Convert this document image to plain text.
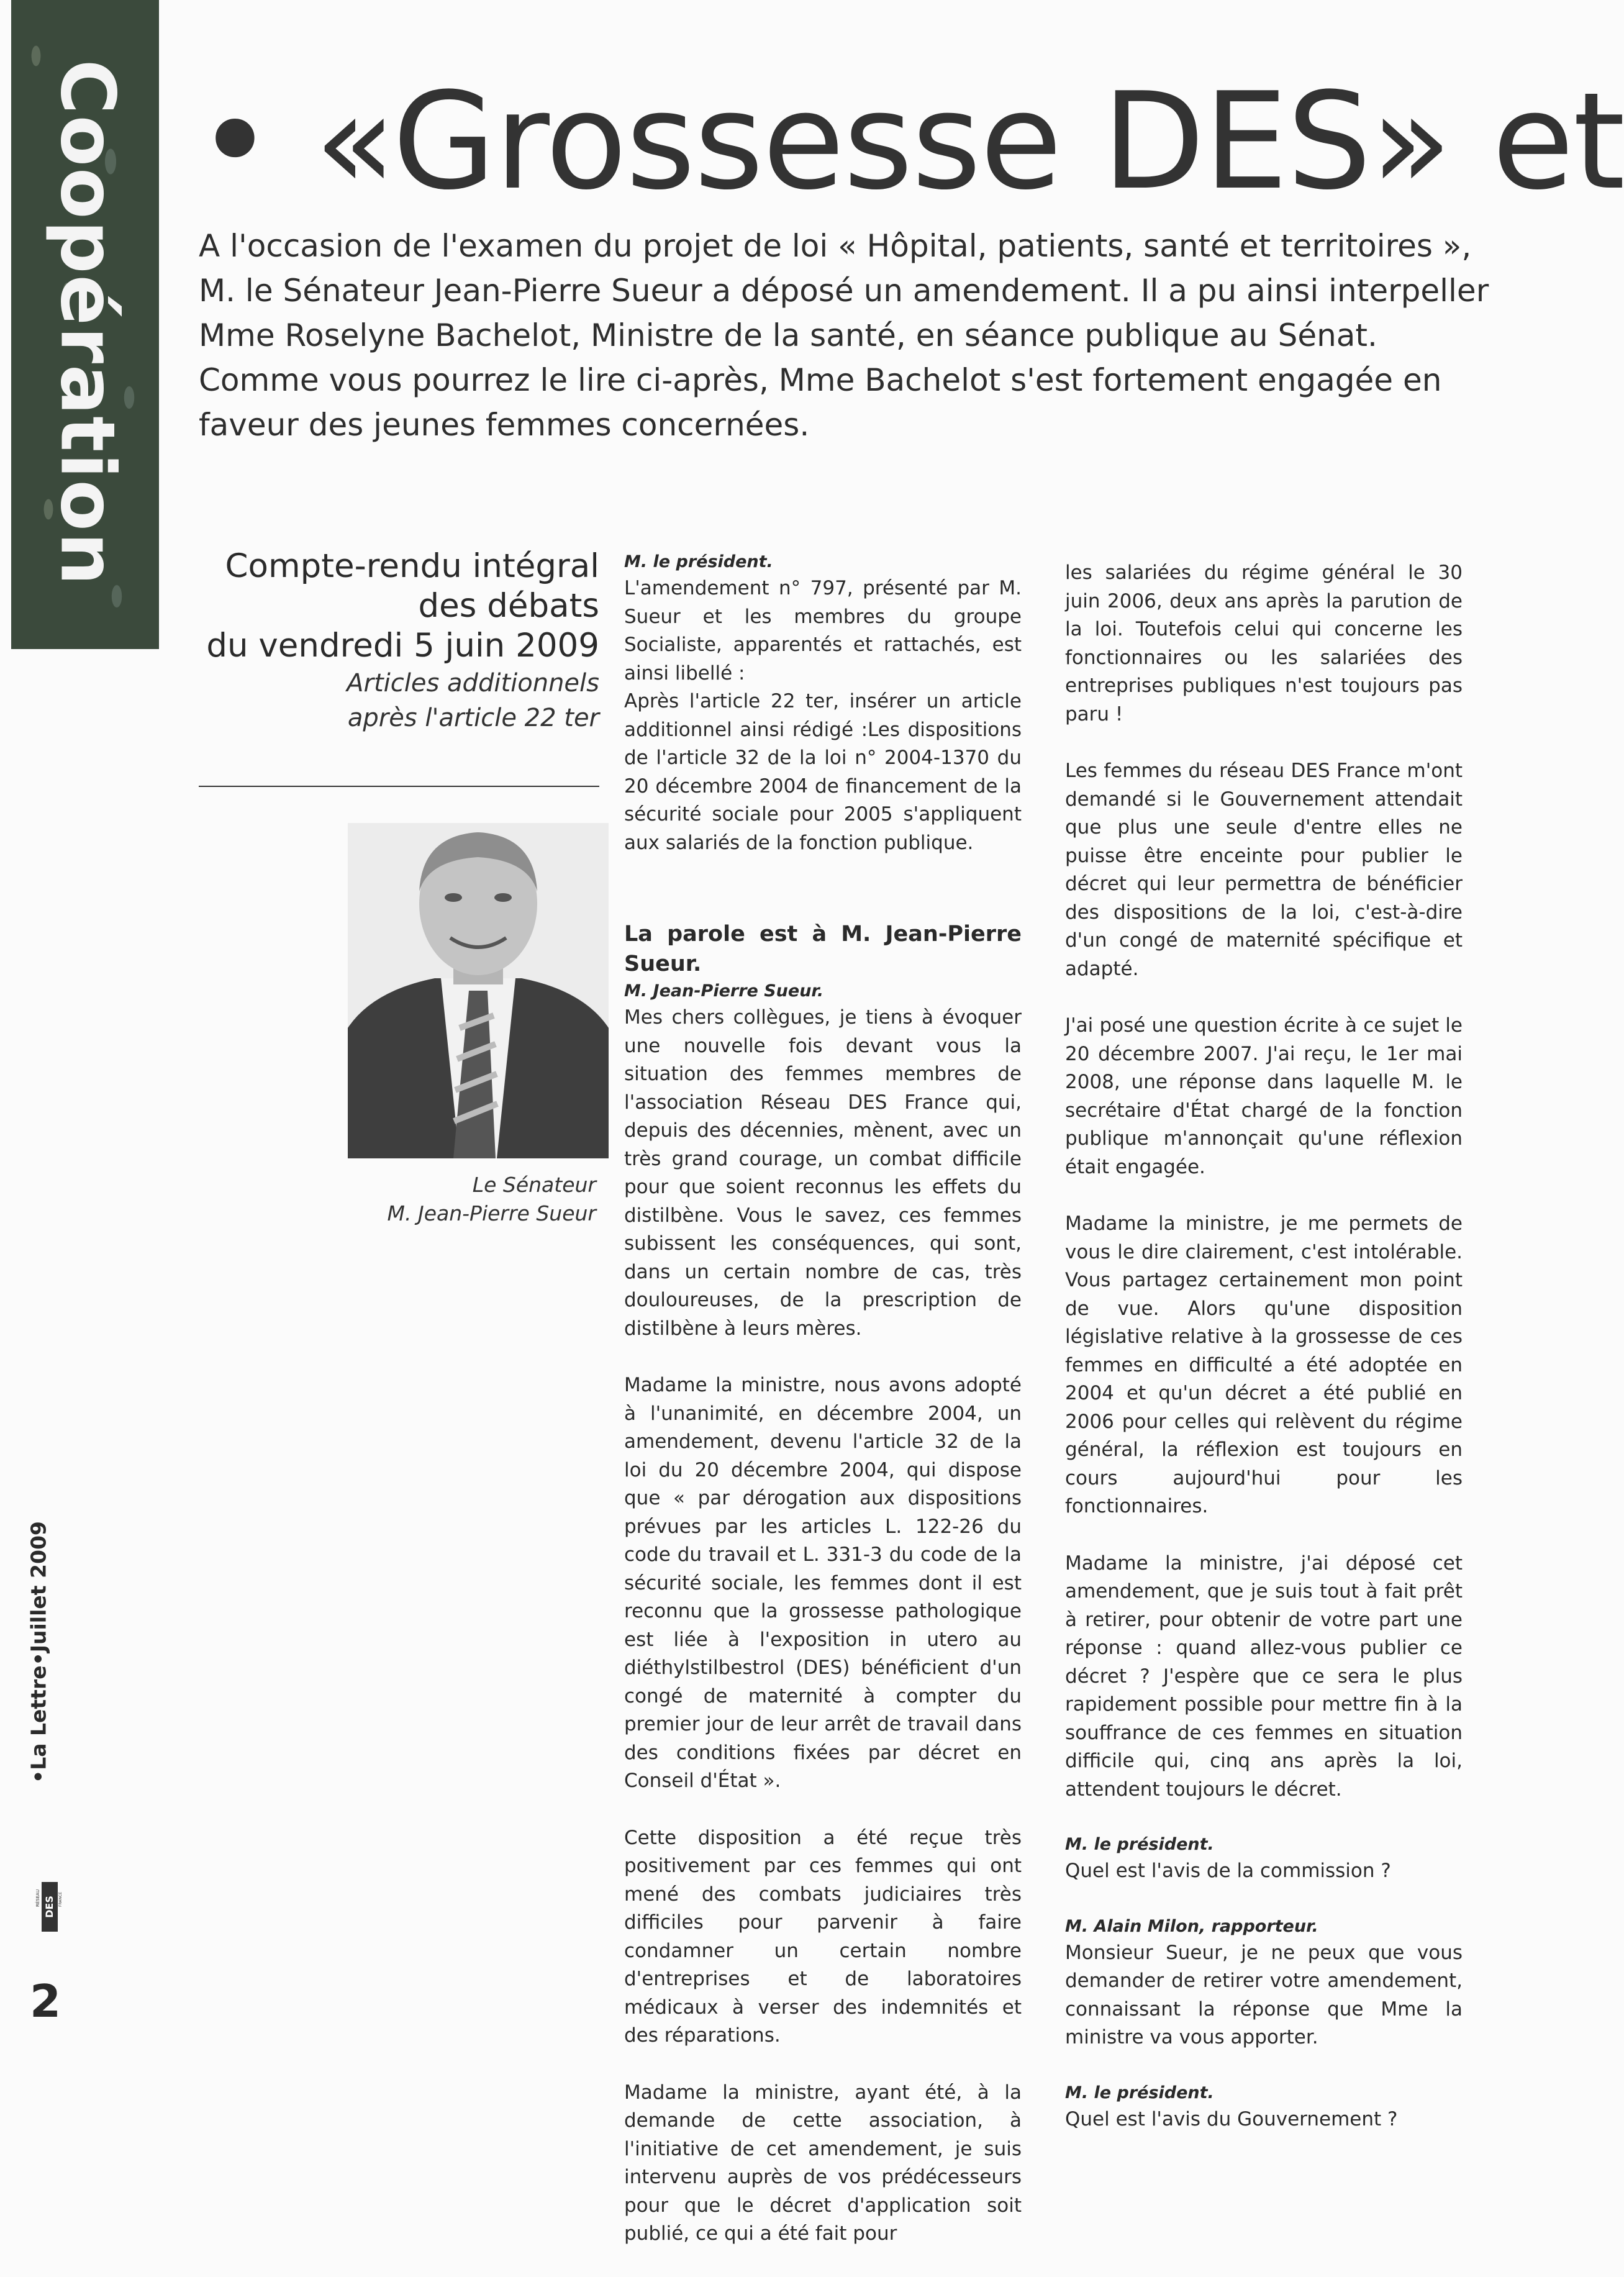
Coopération • «Grossesse DES» et

A l'occasion de l'examen du projet de loi « Hôpital, patients, santé et territoires »,

M. le Sénateur Jean-Pierre Sueur a déposé un amendement. Il a pu ainsi interpeller

Mme Roselyne Bachelot, Ministre de la santé, en séance publique au Sénat.

Comme vous pourrez le lire ci-après, Mme Bachelot s'est fortement engagée en

faveur des jeunes femmes concernées.

Compte-rendu intégral
des débats
du vendredi 5 juin 2009
Articles additionnels
après l'article 22 ter

Le Sénateur

M. Jean-Pierre Sueur

M. le président.
L'amendement n° 797, présenté par M. Sueur et les membres du groupe Socialiste, apparentés et rattachés, est ainsi libellé :
Après l'article 22 ter, insérer un article additionnel ainsi rédigé :Les dispositions de l'article 32 de la loi n° 2004-1370 du 20 décembre 2004 de financement de la sécurité sociale pour 2005 s'appliquent aux salariés de la fonction publique.

La parole est à M. Jean-Pierre Sueur.
M. Jean-Pierre Sueur.
Mes chers collègues, je tiens à évoquer une nouvelle fois devant vous la situation des femmes membres de l'association Réseau DES France qui, depuis des décennies, mènent, avec un très grand courage, un combat difficile pour que soient reconnus les effets du distilbène. Vous le savez, ces femmes subissent les conséquences, qui sont, dans un certain nombre de cas, très douloureuses, de la prescription de distilbène à leurs mères.

Madame la ministre, nous avons adopté à l'unanimité, en décembre 2004, un amendement, devenu l'article 32 de la loi du 20 décembre 2004, qui dispose que « par dérogation aux dispositions prévues par les articles L. 122-26 du code du travail et L. 331-3 du code de la sécurité sociale, les femmes dont il est reconnu que la grossesse pathologique est liée à l'exposition in utero au diéthylstilbestrol (DES) bénéficient d'un congé de maternité à compter du premier jour de leur arrêt de travail dans des conditions fixées par décret en Conseil d'État ».

Cette disposition a été reçue très positivement par ces femmes qui ont mené des combats judiciaires très difficiles pour parvenir à faire condamner un certain nombre d'entreprises et de laboratoires médicaux à verser des indemnités et des réparations.

Madame la ministre, ayant été, à la demande de cette association, à l'initiative de cet amendement, je suis intervenu auprès de vos prédécesseurs pour que le décret d'application soit publié, ce qui a été fait pour

les salariées du régime général le 30 juin 2006, deux ans après la parution de la loi. Toutefois celui qui concerne les fonctionnaires ou les salariées des entreprises publiques n'est toujours pas paru !

Les femmes du réseau DES France m'ont demandé si le Gouvernement attendait que plus une seule d'entre elles ne puisse être enceinte pour publier le décret qui leur permettra de bénéficier des dispositions de la loi, c'est-à-dire d'un congé de maternité spécifique et adapté.

J'ai posé une question écrite à ce sujet le 20 décembre 2007. J'ai reçu, le 1er mai 2008, une réponse dans laquelle M. le secrétaire d'État chargé de la fonction publique m'annonçait qu'une réflexion était engagée.

Madame la ministre, je me permets de vous le dire clairement, c'est intolérable. Vous partagez certainement mon point de vue. Alors qu'une disposition législative relative à la grossesse de ces femmes en difficulté a été adoptée en 2004 et qu'un décret a été publié en 2006 pour celles qui relèvent du régime général, la réflexion est toujours en cours aujourd'hui pour les fonctionnaires.

Madame la ministre, j'ai déposé cet amendement, que je suis tout à fait prêt à retirer, pour obtenir de votre part une réponse : quand allez-vous publier ce décret ? J'espère que ce sera le plus rapidement possible pour mettre fin à la souffrance de ces femmes en situation difficile qui, cinq ans après la loi, attendent toujours le décret.

M. le président.
Quel est l'avis de la commission ?

M. Alain Milon, rapporteur.
Monsieur Sueur, je ne peux que vous demander de retirer votre amendement, connaissant la réponse que Mme la ministre va vous apporter.

M. le président.
Quel est l'avis du Gouvernement ?

•La Lettre•Juillet 2009
RÉSEAU DES FRANCE
2
